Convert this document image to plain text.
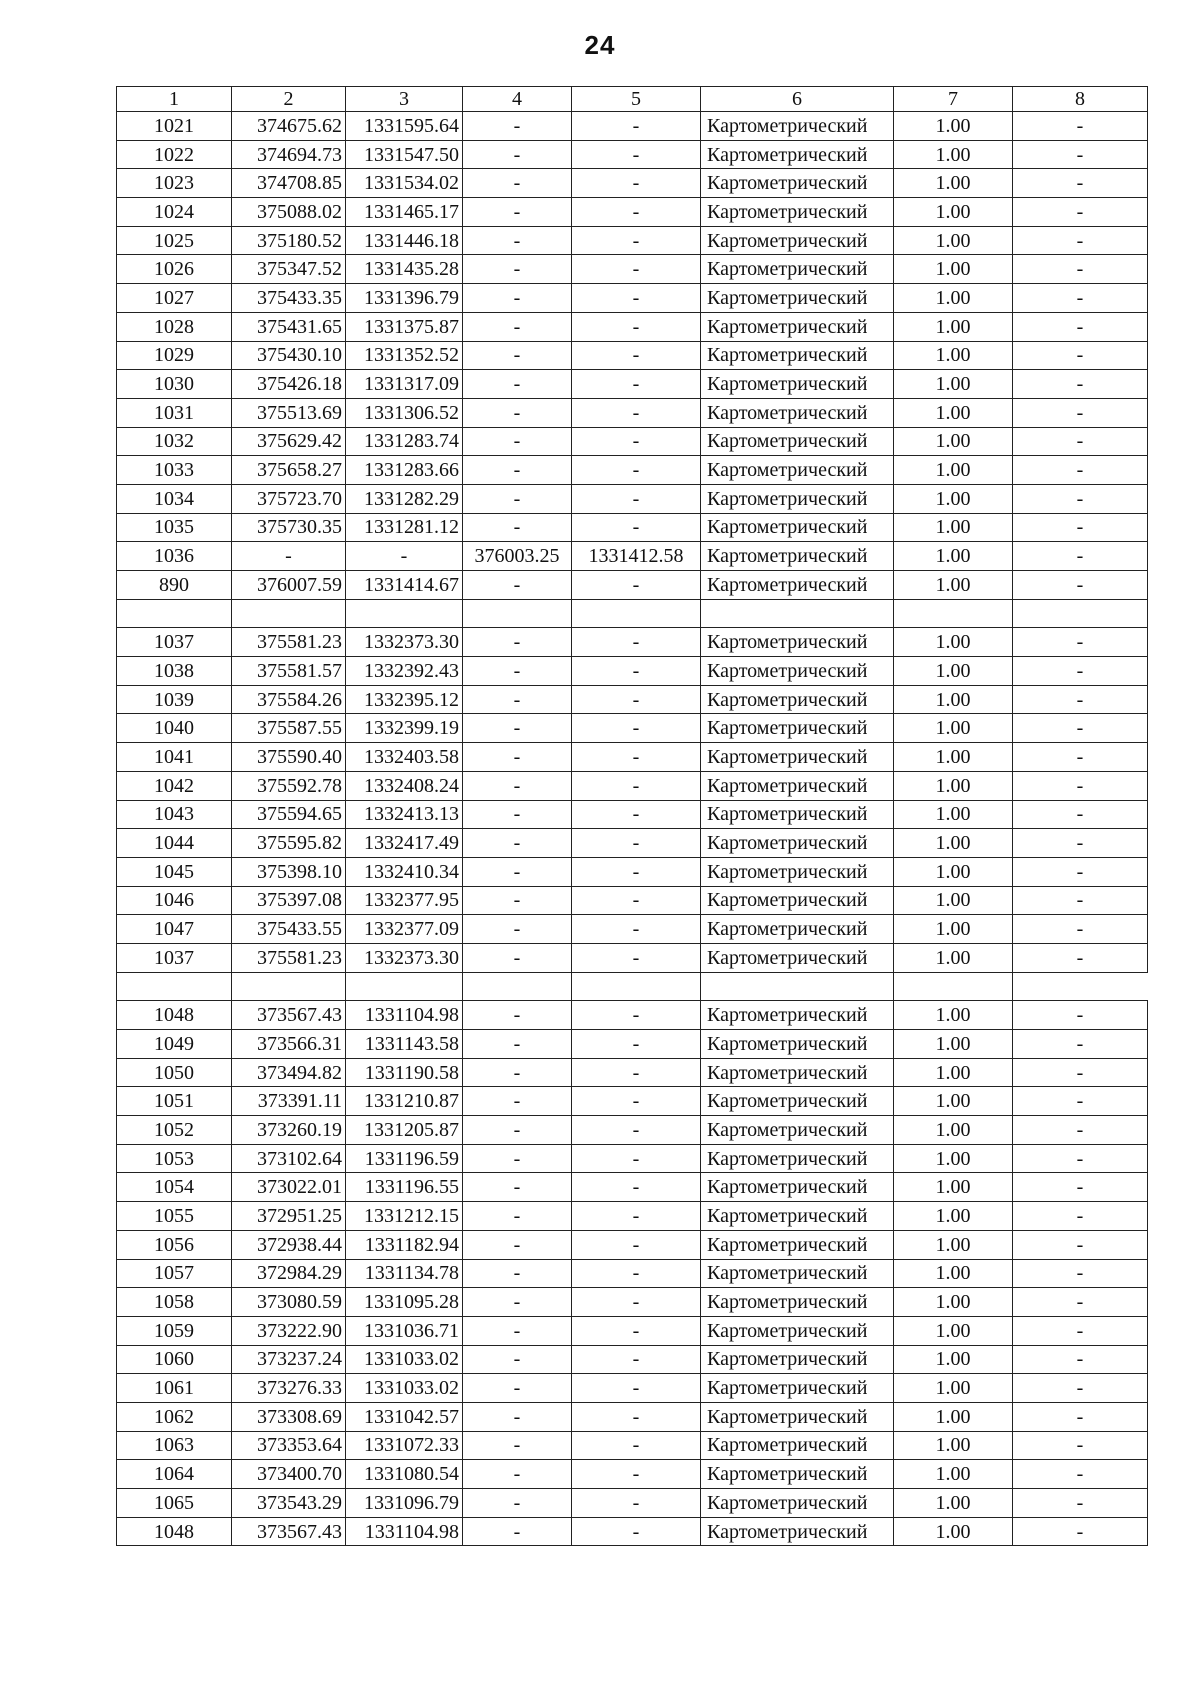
24
1	2	3	4	5	6	7	8
1021	374675.62	1331595.64	-	-	Картометрический	1.00	-
1022	374694.73	1331547.50	-	-	Картометрический	1.00	-
1023	374708.85	1331534.02	-	-	Картометрический	1.00	-
1024	375088.02	1331465.17	-	-	Картометрический	1.00	-
1025	375180.52	1331446.18	-	-	Картометрический	1.00	-
1026	375347.52	1331435.28	-	-	Картометрический	1.00	-
1027	375433.35	1331396.79	-	-	Картометрический	1.00	-
1028	375431.65	1331375.87	-	-	Картометрический	1.00	-
1029	375430.10	1331352.52	-	-	Картометрический	1.00	-
1030	375426.18	1331317.09	-	-	Картометрический	1.00	-
1031	375513.69	1331306.52	-	-	Картометрический	1.00	-
1032	375629.42	1331283.74	-	-	Картометрический	1.00	-
1033	375658.27	1331283.66	-	-	Картометрический	1.00	-
1034	375723.70	1331282.29	-	-	Картометрический	1.00	-
1035	375730.35	1331281.12	-	-	Картометрический	1.00	-
1036	-	-	376003.25	1331412.58	Картометрический	1.00	-
890	376007.59	1331414.67	-	-	Картометрический	1.00	-

1037	375581.23	1332373.30	-	-	Картометрический	1.00	-
1038	375581.57	1332392.43	-	-	Картометрический	1.00	-
1039	375584.26	1332395.12	-	-	Картометрический	1.00	-
1040	375587.55	1332399.19	-	-	Картометрический	1.00	-
1041	375590.40	1332403.58	-	-	Картометрический	1.00	-
1042	375592.78	1332408.24	-	-	Картометрический	1.00	-
1043	375594.65	1332413.13	-	-	Картометрический	1.00	-
1044	375595.82	1332417.49	-	-	Картометрический	1.00	-
1045	375398.10	1332410.34	-	-	Картометрический	1.00	-
1046	375397.08	1332377.95	-	-	Картометрический	1.00	-
1047	375433.55	1332377.09	-	-	Картометрический	1.00	-
1037	375581.23	1332373.30	-	-	Картометрический	1.00	-

1048	373567.43	1331104.98	-	-	Картометрический	1.00	-
1049	373566.31	1331143.58	-	-	Картометрический	1.00	-
1050	373494.82	1331190.58	-	-	Картометрический	1.00	-
1051	373391.11	1331210.87	-	-	Картометрический	1.00	-
1052	373260.19	1331205.87	-	-	Картометрический	1.00	-
1053	373102.64	1331196.59	-	-	Картометрический	1.00	-
1054	373022.01	1331196.55	-	-	Картометрический	1.00	-
1055	372951.25	1331212.15	-	-	Картометрический	1.00	-
1056	372938.44	1331182.94	-	-	Картометрический	1.00	-
1057	372984.29	1331134.78	-	-	Картометрический	1.00	-
1058	373080.59	1331095.28	-	-	Картометрический	1.00	-
1059	373222.90	1331036.71	-	-	Картометрический	1.00	-
1060	373237.24	1331033.02	-	-	Картометрический	1.00	-
1061	373276.33	1331033.02	-	-	Картометрический	1.00	-
1062	373308.69	1331042.57	-	-	Картометрический	1.00	-
1063	373353.64	1331072.33	-	-	Картометрический	1.00	-
1064	373400.70	1331080.54	-	-	Картометрический	1.00	-
1065	373543.29	1331096.79	-	-	Картометрический	1.00	-
1048	373567.43	1331104.98	-	-	Картометрический	1.00	-
